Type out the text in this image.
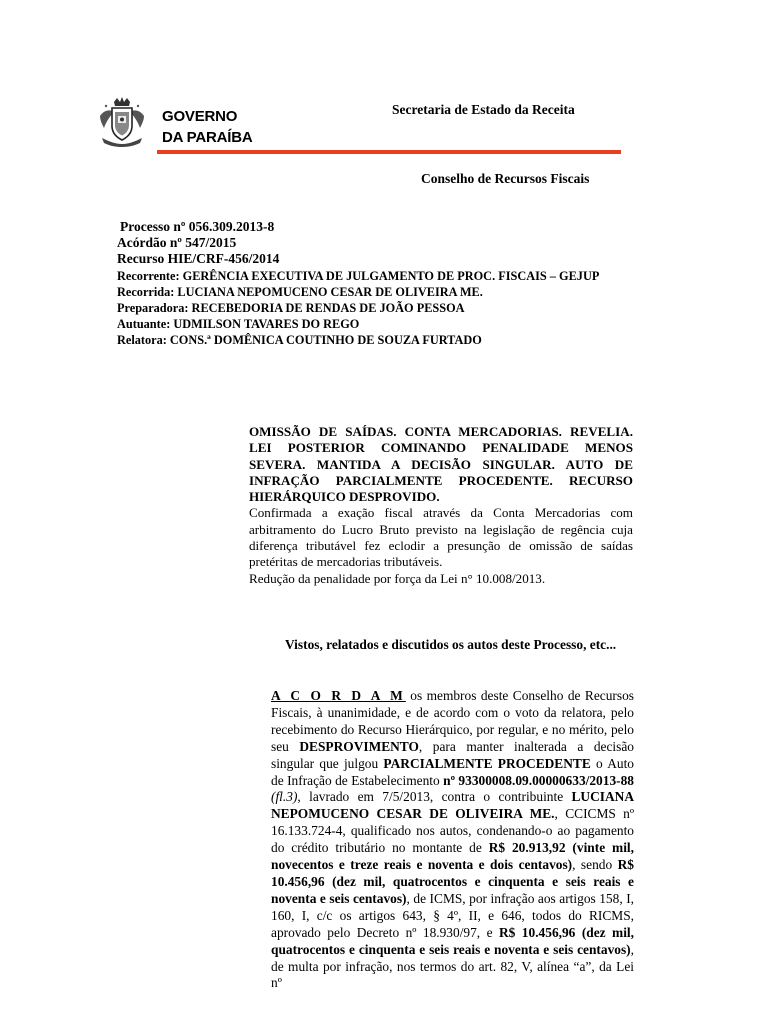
GOVERNO
DA PARAÍBA
Secretaria de Estado da Receita
Conselho de Recursos Fiscais
Processo nº 056.309.2013-8
Acórdão nº 547/2015
Recurso HIE/CRF-456/2014
Recorrente: GERÊNCIA EXECUTIVA DE JULGAMENTO DE PROC. FISCAIS – GEJUP
Recorrida: LUCIANA NEPOMUCENO CESAR DE OLIVEIRA ME.
Preparadora: RECEBEDORIA DE RENDAS DE JOÃO PESSOA
Autuante: UDMILSON TAVARES DO REGO
Relatora: CONS.ª DOMÊNICA COUTINHO DE SOUZA FURTADO

OMISSÃO DE SAÍDAS. CONTA MERCADORIAS. REVELIA. LEI POSTERIOR COMINANDO PENALIDADE MENOS SEVERA. MANTIDA A DECISÃO SINGULAR. AUTO DE INFRAÇÃO PARCIALMENTE PROCEDENTE. RECURSO HIERÁRQUICO DESPROVIDO.

Confirmada a exação fiscal através da Conta Mercadorias com arbitramento do Lucro Bruto previsto na legislação de regência cuja diferença tributável fez eclodir a presunção de omissão de saídas pretéritas de mercadorias tributáveis.

Redução da penalidade por força da Lei n° 10.008/2013.

Vistos, relatados e discutidos os autos deste Processo, etc...
A C O R D A M os membros deste Conselho de Recursos Fiscais, à unanimidade, e de acordo com o voto da relatora, pelo recebimento do Recurso Hierárquico, por regular, e no mérito, pelo seu DESPROVIMENTO, para manter inalterada a decisão singular que julgou PARCIALMENTE PROCEDENTE o Auto de Infração de Estabelecimento nº 93300008.09.00000633/2013-88 (fl.3), lavrado em 7/5/2013, contra o contribuinte LUCIANA NEPOMUCENO CESAR DE OLIVEIRA ME., CCICMS nº 16.133.724-4, qualificado nos autos, condenando-o ao pagamento do crédito tributário no montante de R$ 20.913,92 (vinte mil, novecentos e treze reais e noventa e dois centavos), sendo R$ 10.456,96 (dez mil, quatrocentos e cinquenta e seis reais e noventa e seis centavos), de ICMS, por infração aos artigos 158, I, 160, I, c/c os artigos 643, § 4º, II, e 646, todos do RICMS, aprovado pelo Decreto nº 18.930/97, e R$ 10.456,96 (dez mil, quatrocentos e cinquenta e seis reais e noventa e seis centavos), de multa por infração, nos termos do art. 82, V, alínea “a”, da Lei nº
